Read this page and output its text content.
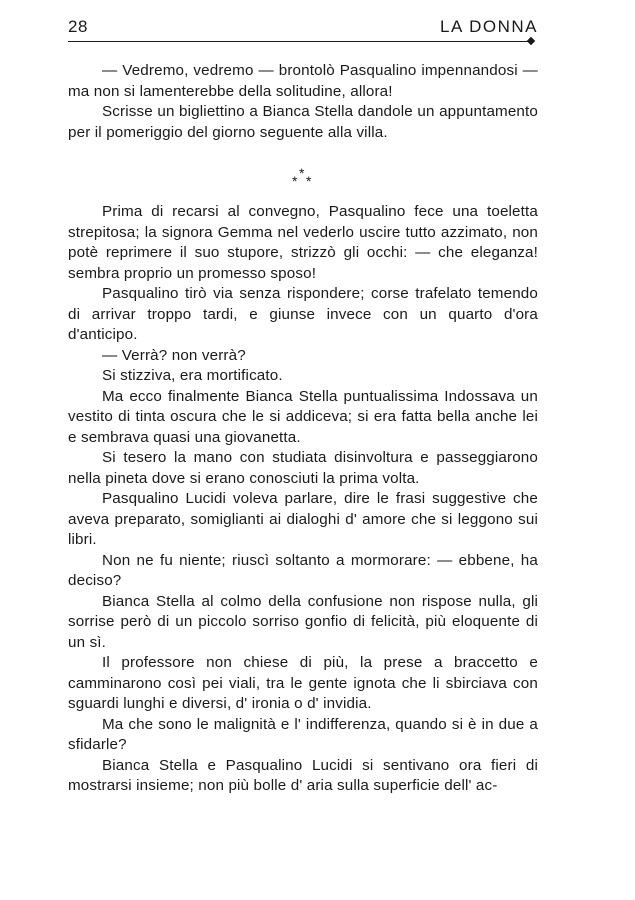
28	LA DONNA

— Vedremo, vedremo — brontolò Pasqualino impennandosi — ma non si lamenterebbe della solitudine, allora!

Scrisse un bigliettino a Bianca Stella dandole un appuntamento per il pomeriggio del giorno seguente alla villa.

*
* *

Prima di recarsi al convegno, Pasqualino fece una toeletta strepitosa; la signora Gemma nel vederlo uscire tutto azzimato, non potè reprimere il suo stupore, strizzò gli occhi: — che eleganza! sembra proprio un promesso sposo!

Pasqualino tirò via senza rispondere; corse trafelato temendo di arrivar troppo tardi, e giunse invece con un quarto d'ora d'anticipo.

— Verrà? non verrà?

Si stizziva, era mortificato.

Ma ecco finalmente Bianca Stella puntualissima Indossava un vestito di tinta oscura che le si addiceva; si era fatta bella anche lei e sembrava quasi una giovanetta.

Si tesero la mano con studiata disinvoltura e passeggiarono nella pineta dove si erano conosciuti la prima volta.

Pasqualino Lucidi voleva parlare, dire le frasi suggestive che aveva preparato, somiglianti ai dialoghi d' amore che si leggono sui libri.

Non ne fu niente; riuscì soltanto a mormorare: — ebbene, ha deciso?

Bianca Stella al colmo della confusione non rispose nulla, gli sorrise però di un piccolo sorriso gonfio di felicità, più eloquente di un sì.

Il professore non chiese di più, la prese a braccetto e camminarono così pei viali, tra le gente ignota che li sbirciava con sguardi lunghi e diversi, d' ironia o d' invidia.

Ma che sono le malignità e l' indifferenza, quando si è in due a sfidarle?

Bianca Stella e Pasqualino Lucidi si sentivano ora fieri di mostrarsi insieme; non più bolle d' aria sulla superficie dell' ac-
